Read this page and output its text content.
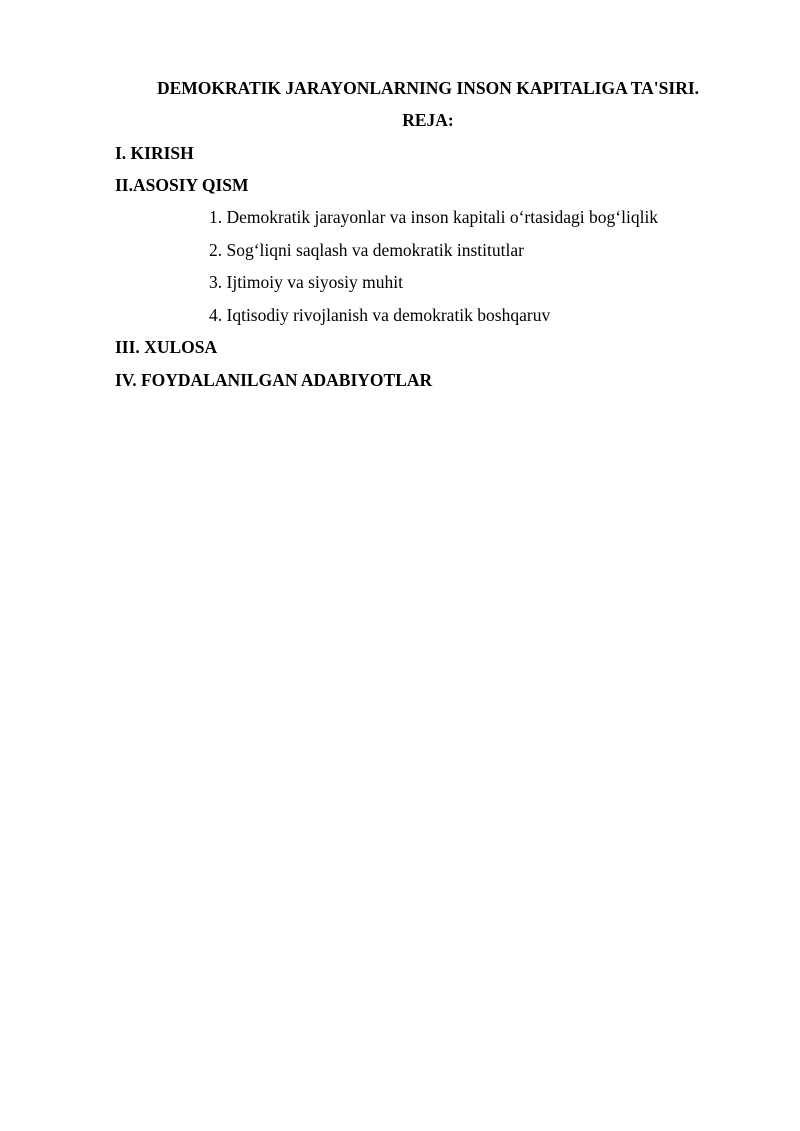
DEMOKRATIK JARAYONLARNING INSON KAPITALIGA TA'SIRI.
REJA:
I. KIRISH
II.ASOSIY QISM
1. Demokratik jarayonlar va inson kapitali o‘rtasidagi bog‘liqlik
2. Sog‘liqni saqlash va demokratik institutlar
3. Ijtimoiy va siyosiy muhit
4. Iqtisodiy rivojlanish va demokratik boshqaruv
III. XULOSA
IV. FOYDALANILGAN ADABIYOTLAR
